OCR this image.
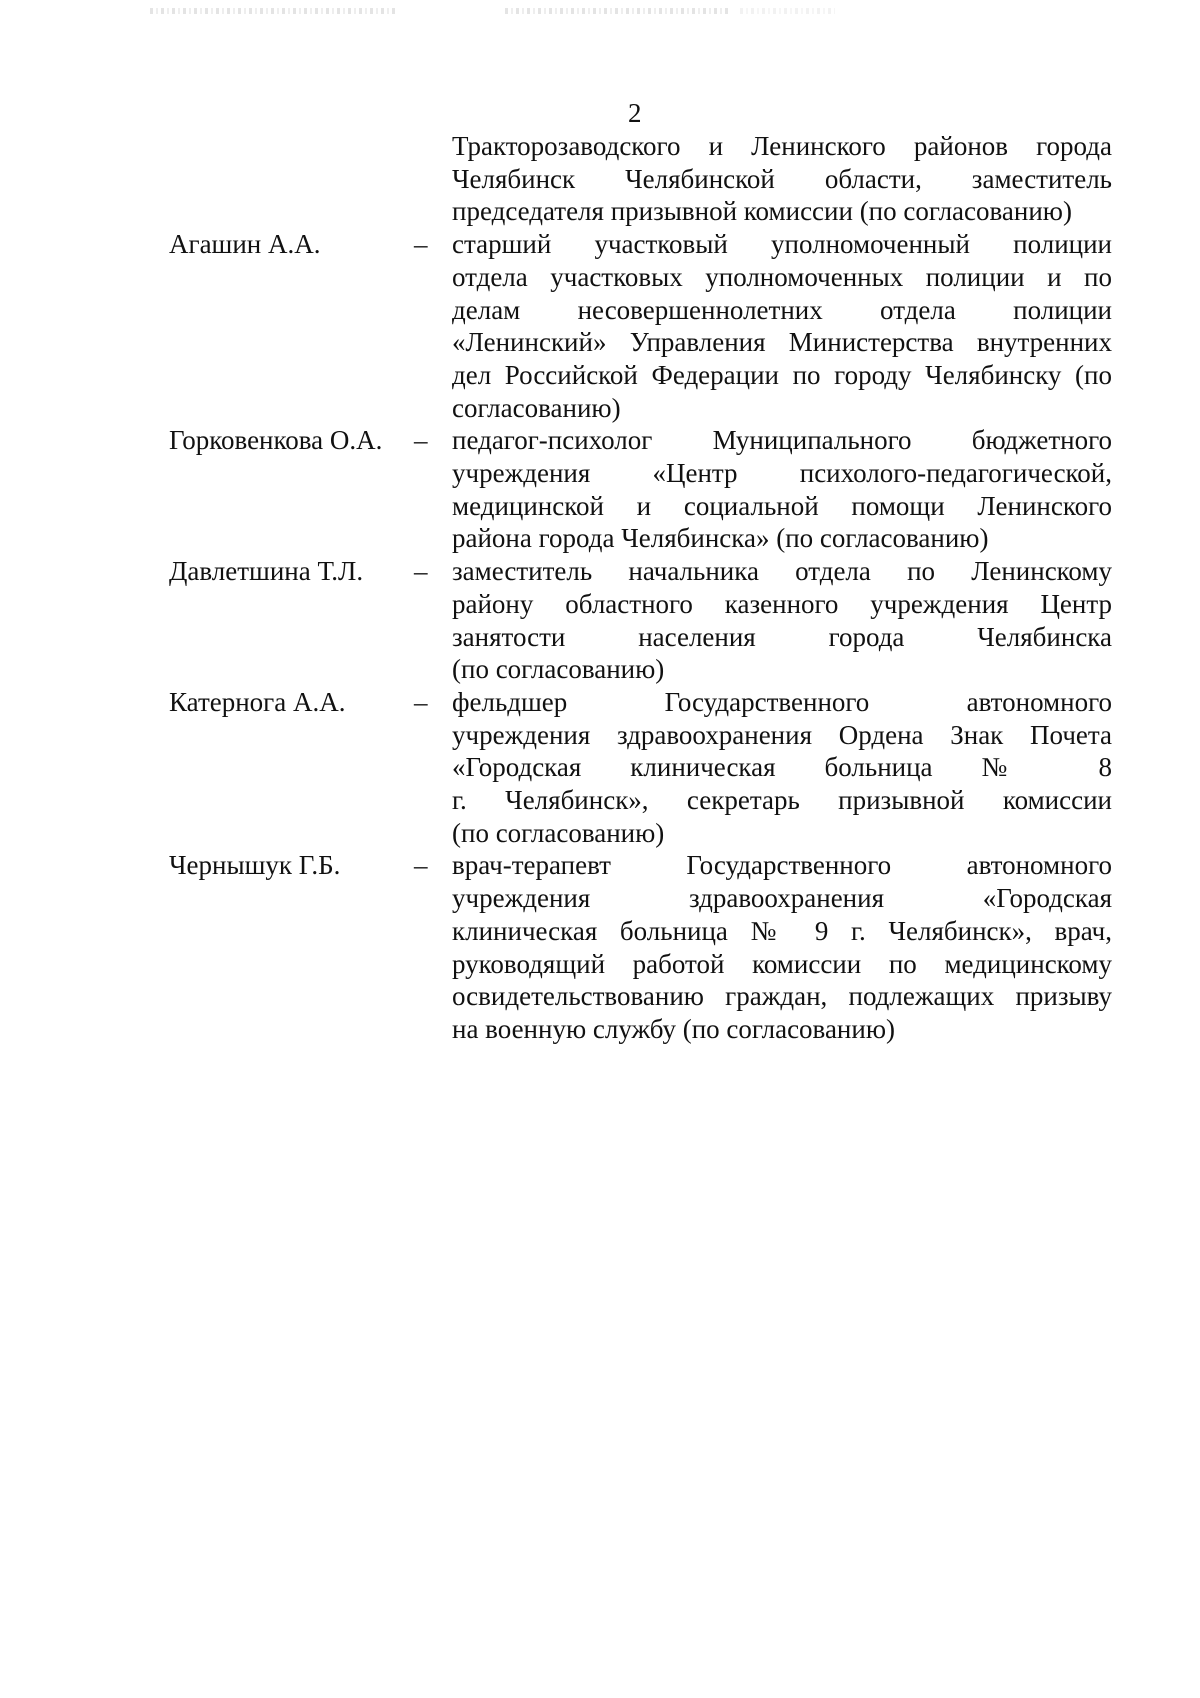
2
Тракторозаводского и Ленинского районов города
Челябинск Челябинской области, заместитель
председателя призывной комиссии (по согласованию)
Агашин А.А.	– старший участковый уполномоченный полиции
отдела участковых уполномоченных полиции и по
делам несовершеннолетних отдела полиции
«Ленинский» Управления Министерства внутренних
дел Российской Федерации по городу Челябинску (по
согласованию)
Горковенкова О.А. – педагог-психолог Муниципального бюджетного
учреждения «Центр психолого-педагогической,
медицинской и социальной помощи Ленинского
района города Челябинска» (по согласованию)
Давлетшина Т.Л. – заместитель начальника отдела по Ленинскому
району областного казенного учреждения Центр
занятости населения города Челябинска
(по согласованию)
Катернога А.А.	– фельдшер Государственного автономного
учреждения здравоохранения Ордена Знак Почета
«Городская клиническая больница № 8
г. Челябинск», секретарь призывной комиссии
(по согласованию)
Чернышук Г.Б.	– врач-терапевт Государственного автономного
учреждения здравоохранения «Городская
клиническая больница № 9 г. Челябинск», врач,
руководящий работой комиссии по медицинскому
освидетельствованию граждан, подлежащих призыву
на военную службу (по согласованию)
